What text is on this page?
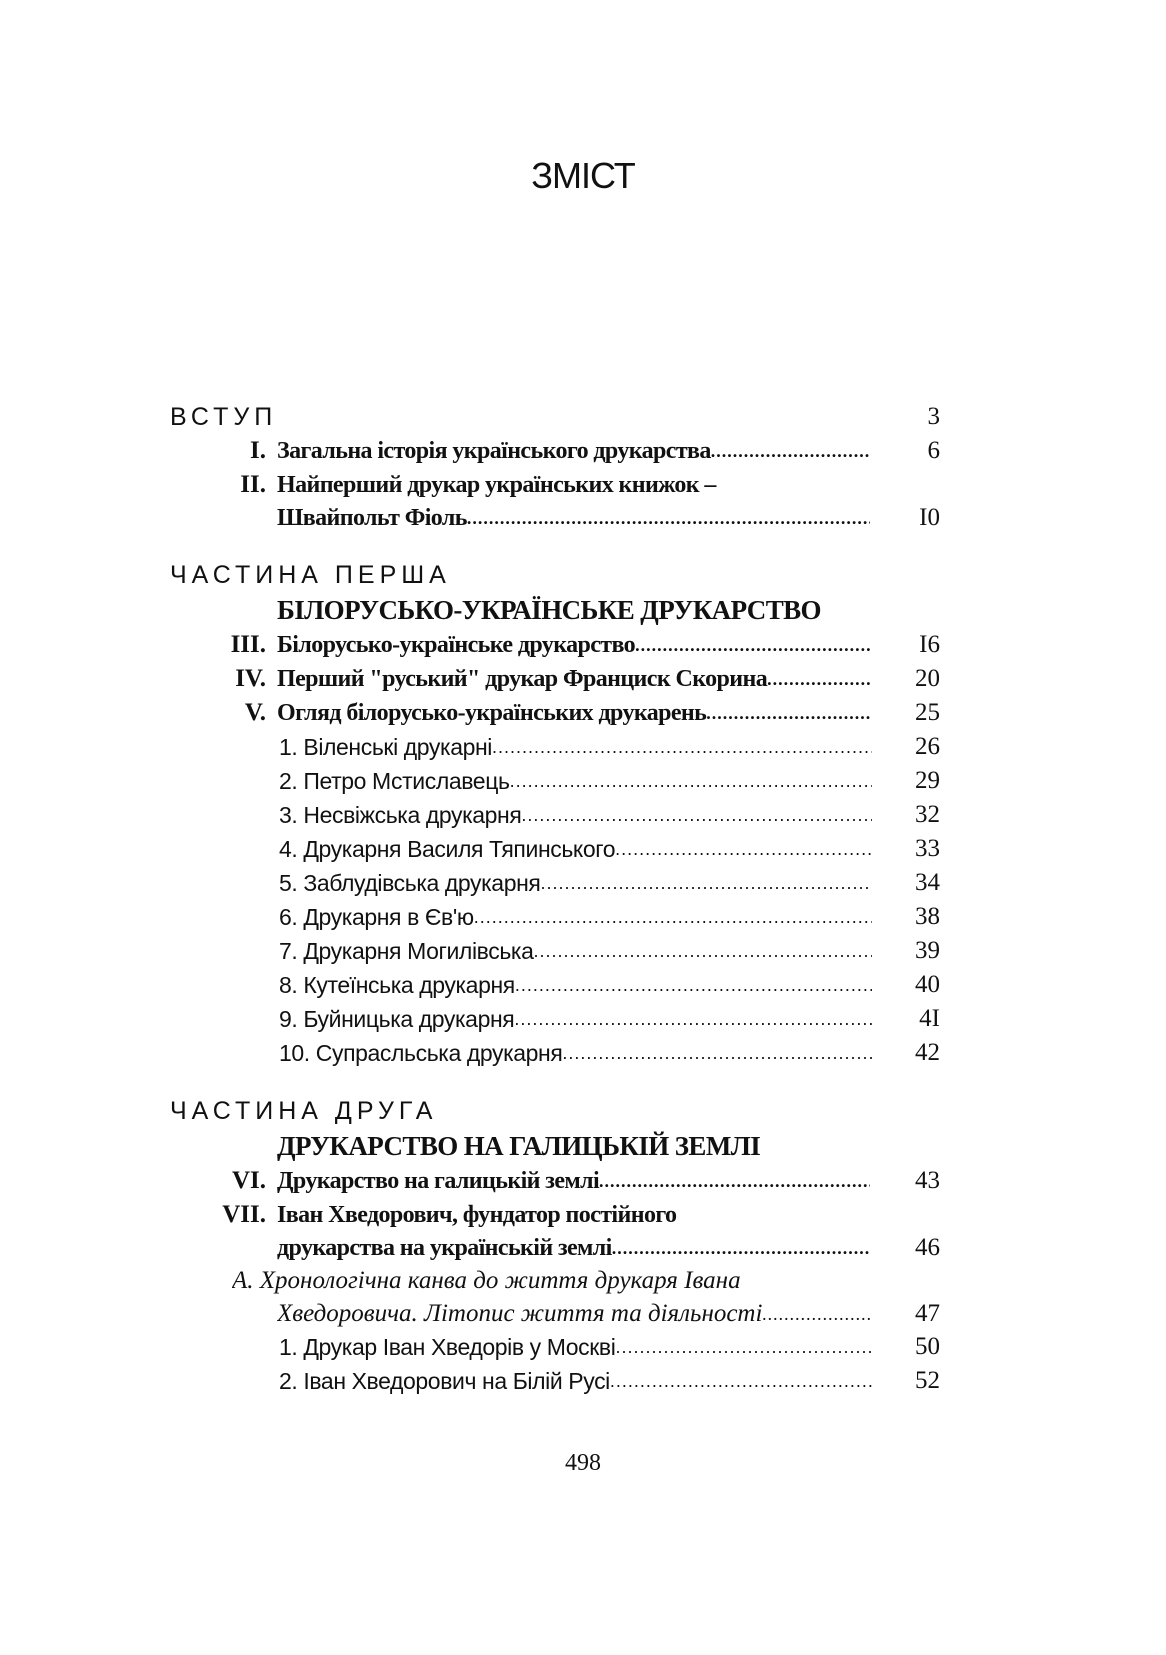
ЗМІСТ
ВСТУП	3
I. Загальна історія українського друкарства .....	6
II. Найперший друкар українських книжок –
Швайпольт Фіоль .....	I0
ЧАСТИНА ПЕРША
БІЛОРУСЬКО-УКРАЇНСЬКЕ ДРУКАРСТВО
III. Білорусько-українське друкарство .....	I6
IV. Перший "руський" друкар Франциск Скорина .....	20
V. Огляд білорусько-українських друкарень .....	25
1. Віленські друкарні .....	26
2. Петро Мстиславець .....	29
3. Несвіжська друкарня .....	32
4. Друкарня Василя Тяпинського .....	33
5. Заблудівська друкарня .....	34
6. Друкарня в Єв'ю .....	38
7. Друкарня Могилівська .....	39
8. Кутеїнська друкарня .....	40
9. Буйницька друкарня .....	4I
10. Супрасльська друкарня .....	42
ЧАСТИНА ДРУГА
ДРУКАРСТВО НА ГАЛИЦЬКІЙ ЗЕМЛІ
VI. Друкарство на галицькій землі .....	43
VII. Іван Хведорович, фундатор постійного
друкарства на українській землі .....	46
А. Хронологічна канва до життя друкаря Івана
Хведоровича. Літопис життя та діяльності .....	47
1. Друкар Іван Хведорів у Москві .....	50
2. Іван Хведорович на Білій Русі .....	52
498
